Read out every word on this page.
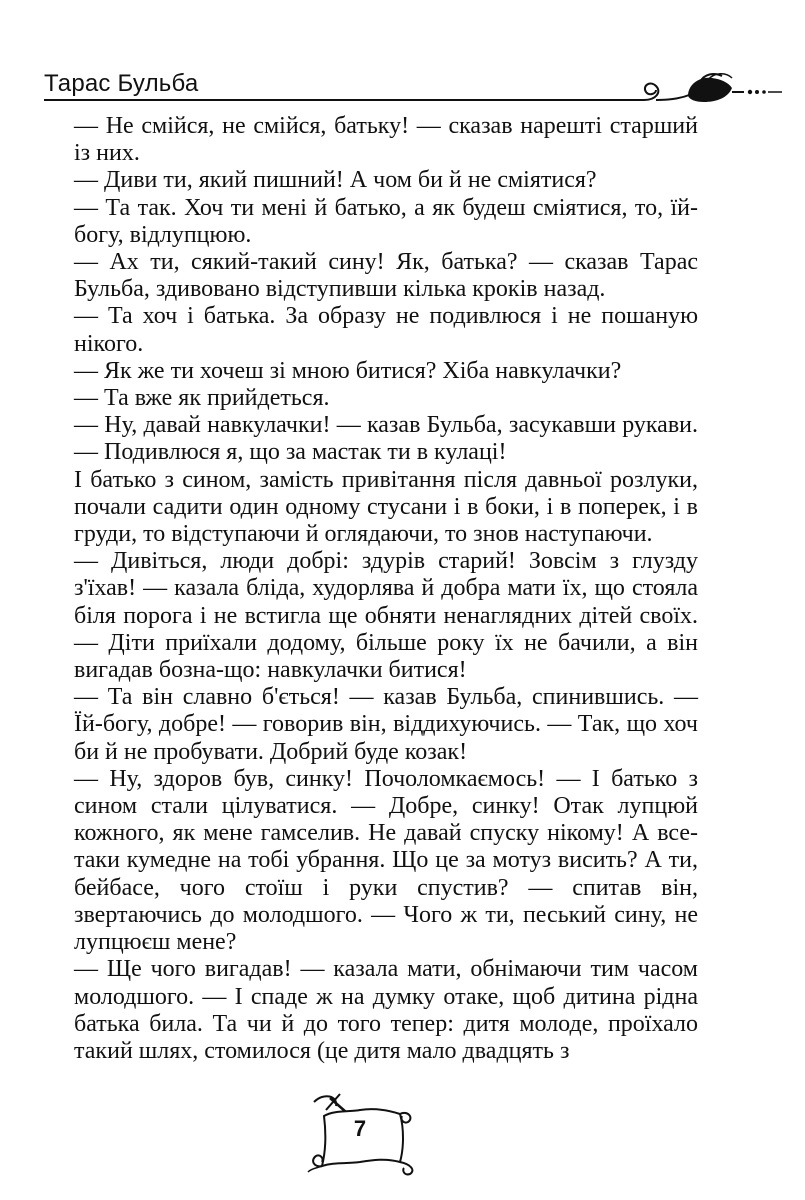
Тарас Бульба

— Не смійся, не смійся, батьку! — сказав нарешті старший із них.

— Диви ти, який пишний! А чом би й не сміятися?

— Та так. Хоч ти мені й батько, а як будеш сміятися, то, їй-богу, відлупцюю.

— Ах ти, сякий-такий сину! Як, батька? — сказав Тарас Бульба, здивовано відступивши кілька кроків назад.

— Та хоч і батька. За образу не подивлюся і не пошаную нікого.

— Як же ти хочеш зі мною битися? Хіба навкулачки?

— Та вже як прийдеться.

— Ну, давай навкулачки! — казав Бульба, засукавши рукави. — Подивлюся я, що за мастак ти в кулаці!

І батько з сином, замість привітання після давньої розлуки, почали садити один одному стусани і в боки, і в поперек, і в груди, то відступаючи й оглядаючи, то знов наступаючи.

— Дивіться, люди добрі: здурів старий! Зовсім з глузду з'їхав! — казала бліда, худорлява й добра мати їх, що стояла біля порога і не встигла ще обняти ненаглядних дітей своїх. — Діти приїхали додому, більше року їх не бачили, а він вигадав бозна-що: навкулачки битися!

— Та він славно б'ється! — казав Бульба, спинившись. — Їй-богу, добре! — говорив він, віддихуючись. — Так, що хоч би й не пробувати. Добрий буде козак!

— Ну, здоров був, синку! Почоломкаємось! — І батько з сином стали цілуватися. — Добре, синку! Отак лупцюй кожного, як мене гамселив. Не давай спуску нікому! А все-таки кумедне на тобі убрання. Що це за мотуз висить? А ти, бейбасе, чого стоїш і руки спустив? — спитав він, звертаючись до молодшого. — Чого ж ти, песький сину, не лупцюєш мене?

— Ще чого вигадав! — казала мати, обнімаючи тим часом молодшого. — І спаде ж на думку отаке, щоб дитина рідна батька била. Та чи й до того тепер: дитя молоде, проїхало такий шлях, стомилося (це дитя мало двадцять з

7
